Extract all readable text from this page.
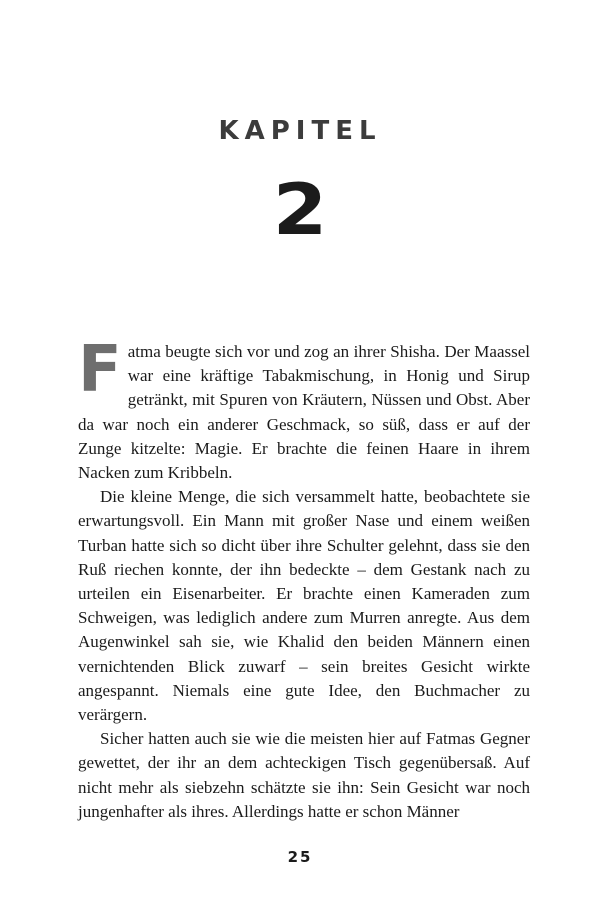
KAPITEL
2

Fatma beugte sich vor und zog an ihrer Shisha. Der Maassel war eine kräftige Tabakmischung, in Honig und Sirup getränkt, mit Spuren von Kräutern, Nüssen und Obst. Aber da war noch ein anderer Geschmack, so süß, dass er auf der Zunge kitzelte: Magie. Er brachte die feinen Haare in ihrem Nacken zum Kribbeln.

Die kleine Menge, die sich versammelt hatte, beobachtete sie erwartungsvoll. Ein Mann mit großer Nase und einem weißen Turban hatte sich so dicht über ihre Schulter gelehnt, dass sie den Ruß riechen konnte, der ihn bedeckte – dem Gestank nach zu urteilen ein Eisenarbeiter. Er brachte einen Kameraden zum Schweigen, was lediglich andere zum Murren anregte. Aus dem Augenwinkel sah sie, wie Khalid den beiden Männern einen vernichtenden Blick zuwarf – sein breites Gesicht wirkte angespannt. Niemals eine gute Idee, den Buchmacher zu verärgern.

Sicher hatten auch sie wie die meisten hier auf Fatmas Gegner gewettet, der ihr an dem achteckigen Tisch gegenübersaß. Auf nicht mehr als siebzehn schätzte sie ihn: Sein Gesicht war noch jungenhafter als ihres. Allerdings hatte er schon Männer

25
